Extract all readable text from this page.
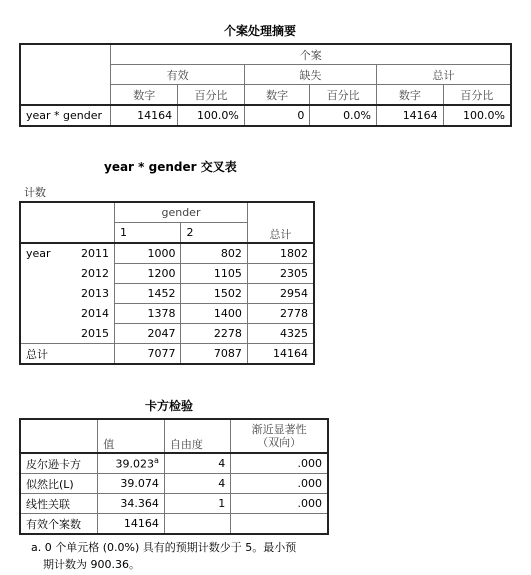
个案处理摘要
	个案					
	有效		缺失		总计	
	数字	百分比	数字	百分比	数字	百分比
year * gender	14164	100.0%	0	0.0%	14164	100.0%
year * gender 交叉表
计数
		gender		总计
		1	2	
year	2011	1000	802	1802
	2012	1200	1105	2305
	2013	1452	1502	2954
	2014	1378	1400	2778
	2015	2047	2278	4325
总计		7077	7087	14164
卡方检验
	值	自由度	渐近显著性
（双向）

皮尔逊卡方	39.023$^a$	4	.000
似然比(L)	39.074	4	.000
线性关联	34.364	1	.000
有效个案数	14164		
a. 0 个单元格 (0.0%) 具有的预期计数少于 5。最小预
期计数为 900.36。
